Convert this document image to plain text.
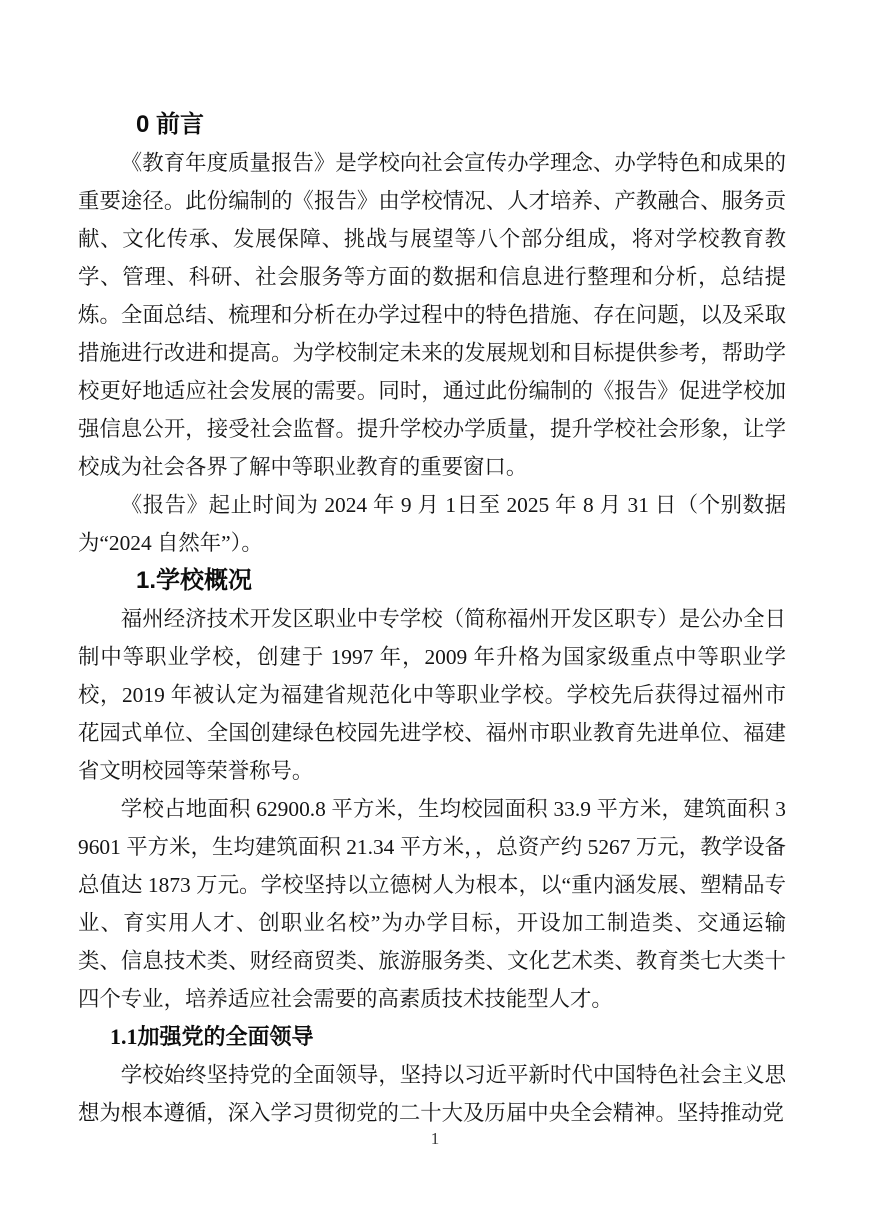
0 前言

《教育年度质量报告》是学校向社会宣传办学理念、办学特色和成果的重要途径。此份编制的《报告》由学校情况、人才培养、产教融合、服务贡献、文化传承、发展保障、挑战与展望等八个部分组成，将对学校教育教学、管理、科研、社会服务等方面的数据和信息进行整理和分析，总结提炼。全面总结、梳理和分析在办学过程中的特色措施、存在问题，以及采取措施进行改进和提高。为学校制定未来的发展规划和目标提供参考，帮助学校更好地适应社会发展的需要。同时，通过此份编制的《报告》促进学校加强信息公开，接受社会监督。提升学校办学质量，提升学校社会形象，让学校成为社会各界了解中等职业教育的重要窗口。

《报告》起止时间为 2024 年 9 月 1日至 2025 年 8 月 31 日（个别数据为“2024 自然年”）。

1.学校概况

福州经济技术开发区职业中专学校（简称福州开发区职专）是公办全日制中等职业学校，创建于 1997 年，2009 年升格为国家级重点中等职业学校，2019 年被认定为福建省规范化中等职业学校。学校先后获得过福州市花园式单位、全国创建绿色校园先进学校、福州市职业教育先进单位、福建省文明校园等荣誉称号。

学校占地面积 62900.8 平方米，生均校园面积 33.9 平方米，建筑面积 39601 平方米，生均建筑面积 21.34 平方米，，总资产约 5267 万元，教学设备总值达 1873 万元。学校坚持以立德树人为根本，以“重内涵发展、塑精品专业、育实用人才、创职业名校”为办学目标，开设加工制造类、交通运输类、信息技术类、财经商贸类、旅游服务类、文化艺术类、教育类七大类十四个专业，培养适应社会需要的高素质技术技能型人才。

1.1加强党的全面领导

学校始终坚持党的全面领导，坚持以习近平新时代中国特色社会主义思想为根本遵循，深入学习贯彻党的二十大及历届中央全会精神。坚持推动党

1
